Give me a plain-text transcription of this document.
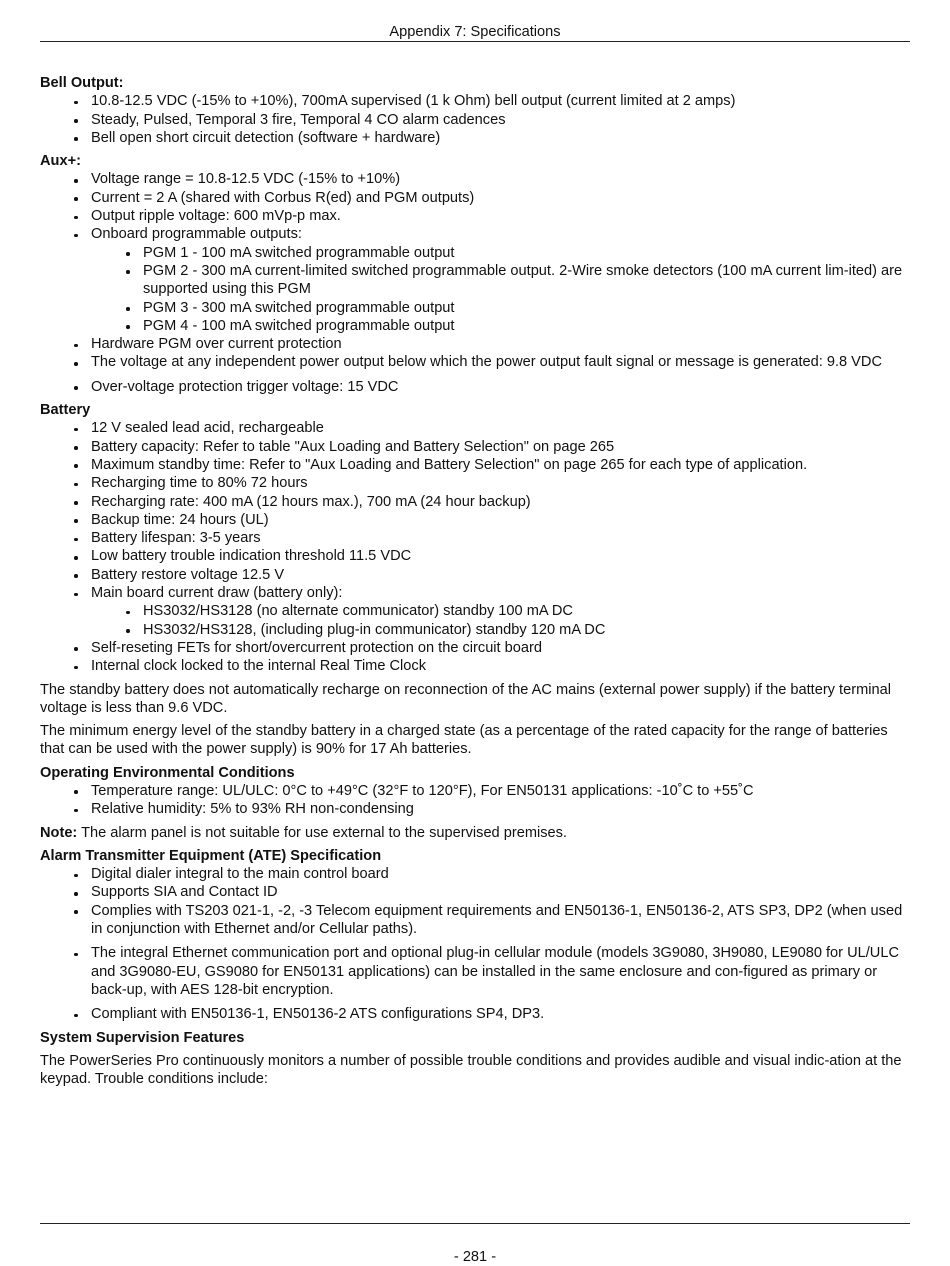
Appendix 7: Specifications

Bell Output:

10.8-12.5 VDC (-15% to +10%), 700mA supervised (1 k Ohm) bell output (current limited at 2 amps)
Steady, Pulsed, Temporal 3 fire, Temporal 4 CO alarm cadences
Bell open short circuit detection (software + hardware)

Aux+:

Voltage range = 10.8-12.5 VDC (-15% to +10%)
Current = 2 A (shared with Corbus R(ed) and PGM outputs)
Output ripple voltage: 600 mVp-p max.
Onboard programmable outputs:
PGM 1 - 100 mA switched programmable output
PGM 2 - 300 mA current-limited switched programmable output. 2-Wire smoke detectors (100 mA current lim-ited) are supported using this PGM
PGM 3 - 300 mA switched programmable output
PGM 4 - 100 mA switched programmable output
Hardware PGM over current protection
The voltage at any independent power output below which the power output fault signal or message is generated: 9.8 VDC
Over-voltage protection trigger voltage: 15 VDC

Battery

12 V sealed lead acid, rechargeable
Battery capacity: Refer to table "Aux Loading and Battery Selection" on page 265
Maximum standby time: Refer to "Aux Loading and Battery Selection" on page 265 for each type of application.
Recharging time to 80% 72 hours
Recharging rate: 400 mA (12 hours max.), 700 mA (24 hour backup)
Backup time: 24 hours (UL)
Battery lifespan: 3-5 years
Low battery trouble indication threshold 11.5 VDC
Battery restore voltage 12.5 V
Main board current draw (battery only):
HS3032/HS3128 (no alternate communicator) standby 100 mA DC
HS3032/HS3128, (including plug-in communicator) standby 120 mA DC
Self-reseting FETs for short/overcurrent protection on the circuit board
Internal clock locked to the internal Real Time Clock

The standby battery does not automatically recharge on reconnection of the AC mains (external power supply) if the battery terminal voltage is less than 9.6 VDC.

The minimum energy level of the standby battery in a charged state (as a percentage of the rated capacity for the range of batteries that can be used with the power supply) is 90% for 17 Ah batteries.

Operating Environmental Conditions

Temperature range: UL/ULC: 0°C to +49°C (32°F to 120°F), For EN50131 applications: -10˚C to +55˚C
Relative humidity: 5% to 93% RH non-condensing

Note: The alarm panel is not suitable for use external to the supervised premises.

Alarm Transmitter Equipment (ATE) Specification

Digital dialer integral to the main control board
Supports SIA and Contact ID
Complies with TS203 021-1, -2, -3 Telecom equipment requirements and EN50136-1, EN50136-2, ATS SP3, DP2 (when used in conjunction with Ethernet and/or Cellular paths).
The integral Ethernet communication port and optional plug-in cellular module (models 3G9080, 3H9080, LE9080 for UL/ULC and 3G9080-EU, GS9080 for EN50131 applications) can be installed in the same enclosure and con-figured as primary or back-up, with AES 128-bit encryption.
Compliant with EN50136-1, EN50136-2 ATS configurations SP4, DP3.

System Supervision Features

The PowerSeries Pro continuously monitors a number of possible trouble conditions and provides audible and visual indic-ation at the keypad. Trouble conditions include:

- 281 -
